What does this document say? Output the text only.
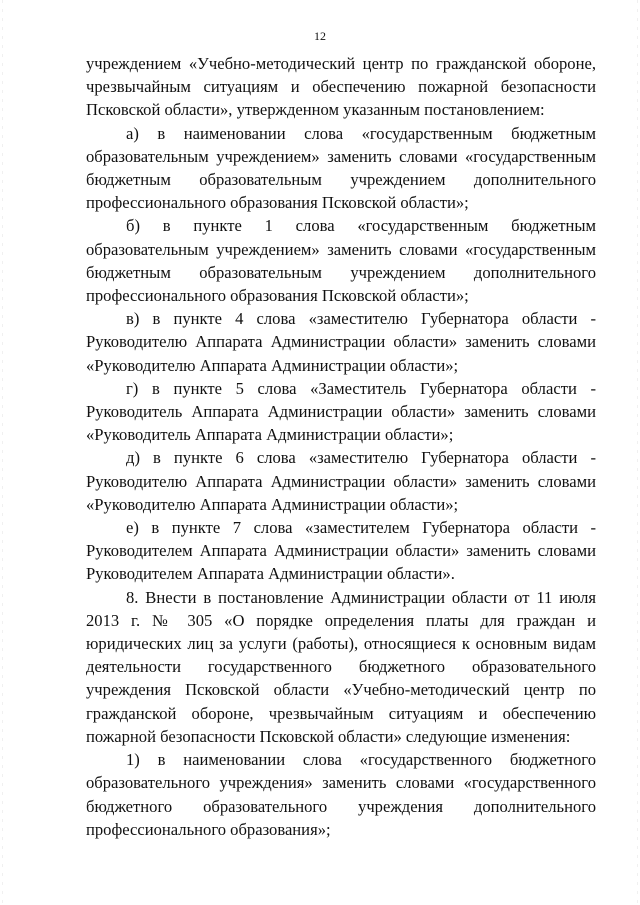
12

учреждением «Учебно-методический центр по гражданской обороне, чрезвычайным ситуациям и обеспечению пожарной безопасности Псковской области», утвержденном указанным постановлением:

а) в наименовании слова «государственным бюджетным образовательным учреждением» заменить словами «государственным бюджетным образовательным учреждением дополнительного профессионального образования Псковской области»;

б) в пункте 1 слова «государственным бюджетным образовательным учреждением» заменить словами «государственным бюджетным образовательным учреждением дополнительного профессионального образования Псковской области»;

в) в пункте 4 слова «заместителю Губернатора области - Руководителю Аппарата Администрации области» заменить словами «Руководителю Аппарата Администрации области»;

г) в пункте 5 слова «Заместитель Губернатора области - Руководитель Аппарата Администрации области» заменить словами «Руководитель Аппарата Администрации области»;

д) в пункте 6 слова «заместителю Губернатора области - Руководителю Аппарата Администрации области» заменить словами «Руководителю Аппарата Администрации области»;

е) в пункте 7 слова «заместителем Губернатора области - Руководителем Аппарата Администрации области» заменить словами Руководителем Аппарата Администрации области».

8. Внести в постановление Администрации области от 11 июля 2013 г. № 305 «О порядке определения платы для граждан и юридических лиц за услуги (работы), относящиеся к основным видам деятельности государственного бюджетного образовательного учреждения Псковской области «Учебно-методический центр по гражданской обороне, чрезвычайным ситуациям и обеспечению пожарной безопасности Псковской области» следующие изменения:

1) в наименовании слова «государственного бюджетного образовательного учреждения» заменить словами «государственного бюджетного образовательного учреждения дополнительного профессионального образования»;
